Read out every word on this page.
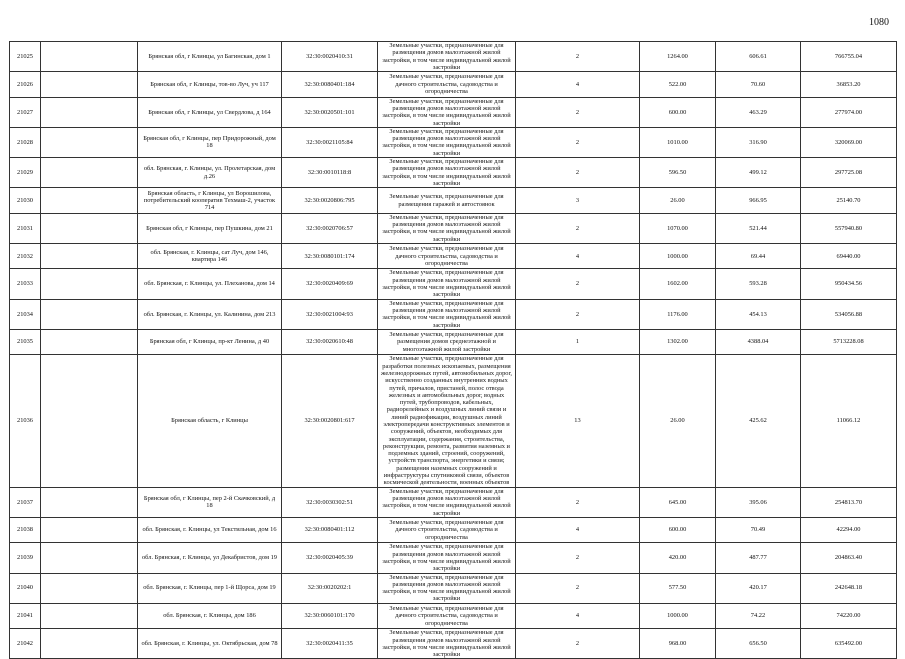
1080
21025		Брянская обл, г Клинцы, ул Багинская, дом 1	32:30:0020410:31	Земельные участки, предназначенные для размещения домов малоэтажной жилой застройки, в том числе индивидуальной жилой застройки	2	1264.00	606.61	766755.04
21026		Брянская обл, г Клинцы, тов-во Луч, уч 117	32:30:0080401:184	Земельные участки, предназначенные для дачного строительства, садоводства и огородничества	4	522.00	70.60	36853.20
21027		Брянская обл, г Клинцы, ул Свердлова, д 164	32:30:0020501:101	Земельные участки, предназначенные для размещения домов малоэтажной жилой застройки, в том числе индивидуальной жилой застройки	2	600.00	463.29	277974.00
21028		Брянская обл, г Клинцы, пер Придорожный, дом 18	32:30:0021105:84	Земельные участки, предназначенные для размещения домов малоэтажной жилой застройки, в том числе индивидуальной жилой застройки	2	1010.00	316.90	320069.00
21029		обл. Брянская, г. Клинцы, ул. Пролетарская, дом д.26	32:30:0010118:8	Земельные участки, предназначенные для размещения домов малоэтажной жилой застройки, в том числе индивидуальной жилой застройки	2	596.50	499.12	297725.08
21030		Брянская область, г Клинцы, ул Ворошилова, потребительский кооператив Техмаш-2, участок 714	32:30:0020806:795	Земельные участки, предназначенные для размещения гаражей и автостоянок	3	26.00	966.95	25140.70
21031		Брянская обл, г Клинцы, пер Пушкина, дом 21	32:30:0020706:57	Земельные участки, предназначенные для размещения домов малоэтажной жилой застройки, в том числе индивидуальной жилой застройки	2	1070.00	521.44	557940.80
21032		обл. Брянская, г. Клинцы, сат Луч, дом 146, квартира 146	32:30:0080101:174	Земельные участки, предназначенные для дачного строительства, садоводства и огородничества	4	1000.00	69.44	69440.00
21033		обл. Брянская, г. Клинцы, ул. Плеханова, дом 14	32:30:0020409:69	Земельные участки, предназначенные для размещения домов малоэтажной жилой застройки, в том числе индивидуальной жилой застройки	2	1602.00	593.28	950434.56
21034		обл. Брянская, г. Клинцы, ул. Калинина, дом 213	32:30:0021004:93	Земельные участки, предназначенные для размещения домов малоэтажной жилой застройки, в том числе индивидуальной жилой застройки	2	1176.00	454.13	534056.88
21035		Брянская обл, г Клинцы, пр-кт Ленина, д 40	32:30:0020610:48	Земельные участки, предназначенные для размещения домов среднеэтажной и многоэтажной жилой застройки	1	1302.00	4388.04	5713228.08
21036		Брянская область, г Клинцы	32:30:0020801:617	Земельные участки, предназначенные для разработки полезных ископаемых, размещения железнодорожных путей, автомобильных дорог, искусственно созданных внутренних водных путей, причалов, пристаней, полос отвода железных и автомобильных дорог, водных путей, трубопроводов, кабельных, радиорелейных и воздушных линий связи и линий радиофикации, воздушных линий электропередачи конструктивных элементов и сооружений, объектов, необходимых для эксплуатации, содержания, строительства, реконструкции, ремонта, развития наземных и подземных зданий, строений, сооружений, устройств транспорта, энергетики и связи; размещения наземных сооружений и инфраструктуры спутниковой связи, объектов космической деятельности, военных объектов	13	26.00	425.62	11066.12
21037		Брянская обл, г Клинцы, пер 2-й Скачковский, д 18	32:30:0030302:51	Земельные участки, предназначенные для размещения домов малоэтажной жилой застройки, в том числе индивидуальной жилой застройки	2	645.00	395.06	254813.70
21038		обл. Брянская, г. Клинцы, ул Текстильная, дом 16	32:30:0080401:112	Земельные участки, предназначенные для дачного строительства, садоводства и огородничества	4	600.00	70.49	42294.00
21039		обл. Брянская, г. Клинцы, ул Декабристов, дом 19	32:30:0020405:39	Земельные участки, предназначенные для размещения домов малоэтажной жилой застройки, в том числе индивидуальной жилой застройки	2	420.00	487.77	204863.40
21040		обл. Брянская, г. Клинцы, пер 1-й Щорса, дом 19	32:30:0020202:1	Земельные участки, предназначенные для размещения домов малоэтажной жилой застройки, в том числе индивидуальной жилой застройки	2	577.50	420.17	242648.18
21041		обл. Брянская, г. Клинцы, дом 186	32:30:0060101:170	Земельные участки, предназначенные для дачного строительства, садоводства и огородничества	4	1000.00	74.22	74220.00
21042		обл. Брянская, г. Клинцы, ул. Октябрьская, дом 78	32:30:0020411:35	Земельные участки, предназначенные для размещения домов малоэтажной жилой застройки, в том числе индивидуальной жилой застройки	2	968.00	656.50	635492.00
